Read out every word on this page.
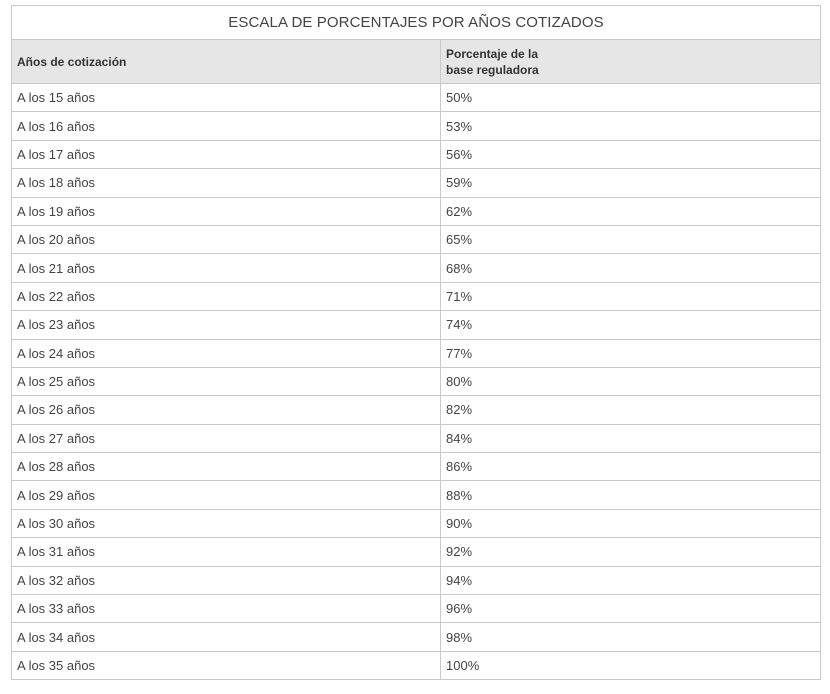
ESCALA DE PORCENTAJES POR AÑOS COTIZADOS	
Años de cotización	Porcentaje de la base reguladora

A los 15 años	50%
A los 16 años	53%
A los 17 años	56%
A los 18 años	59%
A los 19 años	62%
A los 20 años	65%
A los 21 años	68%
A los 22 años	71%
A los 23 años	74%
A los 24 años	77%
A los 25 años	80%
A los 26 años	82%
A los 27 años	84%
A los 28 años	86%
A los 29 años	88%
A los 30 años	90%
A los 31 años	92%
A los 32 años	94%
A los 33 años	96%
A los 34 años	98%
A los 35 años	100%
